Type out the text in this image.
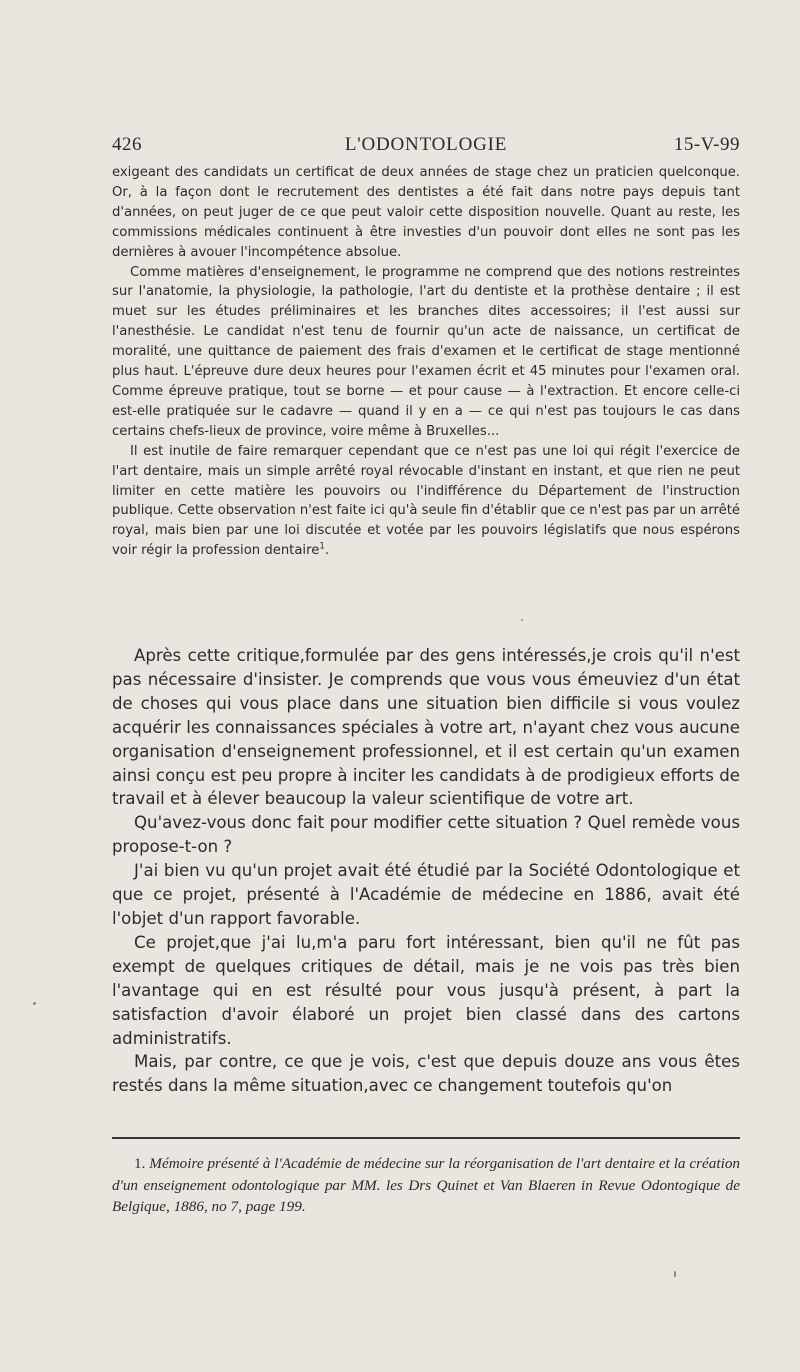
426	L'ODONTOLOGIE	15-V-99

exigeant des candidats un certificat de deux années de stage chez un praticien quelconque. Or, à la façon dont le recrutement des dentistes a été fait dans notre pays depuis tant d'années, on peut juger de ce que peut valoir cette disposition nouvelle. Quant au reste, les commissions médicales continuent à être investies d'un pouvoir dont elles ne sont pas les dernières à avouer l'incompétence absolue.

Comme matières d'enseignement, le programme ne comprend que des notions restreintes sur l'anatomie, la physiologie, la pathologie, l'art du dentiste et la prothèse dentaire ; il est muet sur les études préliminaires et les branches dites accessoires; il l'est aussi sur l'anesthésie. Le candidat n'est tenu de fournir qu'un acte de naissance, un certificat de moralité, une quittance de paiement des frais d'examen et le certificat de stage mentionné plus haut. L'épreuve dure deux heures pour l'examen écrit et 45 minutes pour l'examen oral. Comme épreuve pratique, tout se borne — et pour cause — à l'extraction. Et encore celle-ci est-elle pratiquée sur le cadavre — quand il y en a — ce qui n'est pas toujours le cas dans certains chefs-lieux de province, voire même à Bruxelles...

Il est inutile de faire remarquer cependant que ce n'est pas une loi qui régit l'exercice de l'art dentaire, mais un simple arrêté royal révocable d'instant en instant, et que rien ne peut limiter en cette matière les pouvoirs ou l'indifférence du Département de l'instruction publique. Cette observation n'est faite ici qu'à seule fin d'établir que ce n'est pas par un arrêté royal, mais bien par une loi discutée et votée par les pouvoirs législatifs que nous espérons voir régir la profession dentaire$^1$.

Après cette critique,formulée par des gens intéressés,je crois qu'il n'est pas nécessaire d'insister. Je comprends que vous vous émeuviez d'un état de choses qui vous place dans une situation bien difficile si vous voulez acquérir les connaissances spéciales à votre art, n'ayant chez vous aucune organisation d'enseignement professionnel, et il est certain qu'un examen ainsi conçu est peu propre à inciter les candidats à de prodigieux efforts de travail et à élever beaucoup la valeur scientifique de votre art.

Qu'avez-vous donc fait pour modifier cette situation ? Quel remède vous propose-t-on ?

J'ai bien vu qu'un projet avait été étudié par la Société Odontologique et que ce projet, présenté à l'Académie de médecine en 1886, avait été l'objet d'un rapport favorable.

Ce projet,que j'ai lu,m'a paru fort intéressant, bien qu'il ne fût pas exempt de quelques critiques de détail, mais je ne vois pas très bien l'avantage qui en est résulté pour vous jusqu'à présent, à part la satisfaction d'avoir élaboré un projet bien classé dans des cartons administratifs.

Mais, par contre, ce que je vois, c'est que depuis douze ans vous êtes restés dans la même situation,avec ce changement toutefois qu'on

1. Mémoire présenté à l'Académie de médecine sur la réorganisation de l'art dentaire et la création d'un enseignement odontologique par MM. les Drs Quinet et Van Blaeren in Revue Odontogique de Belgique, 1886, no 7, page 199.
